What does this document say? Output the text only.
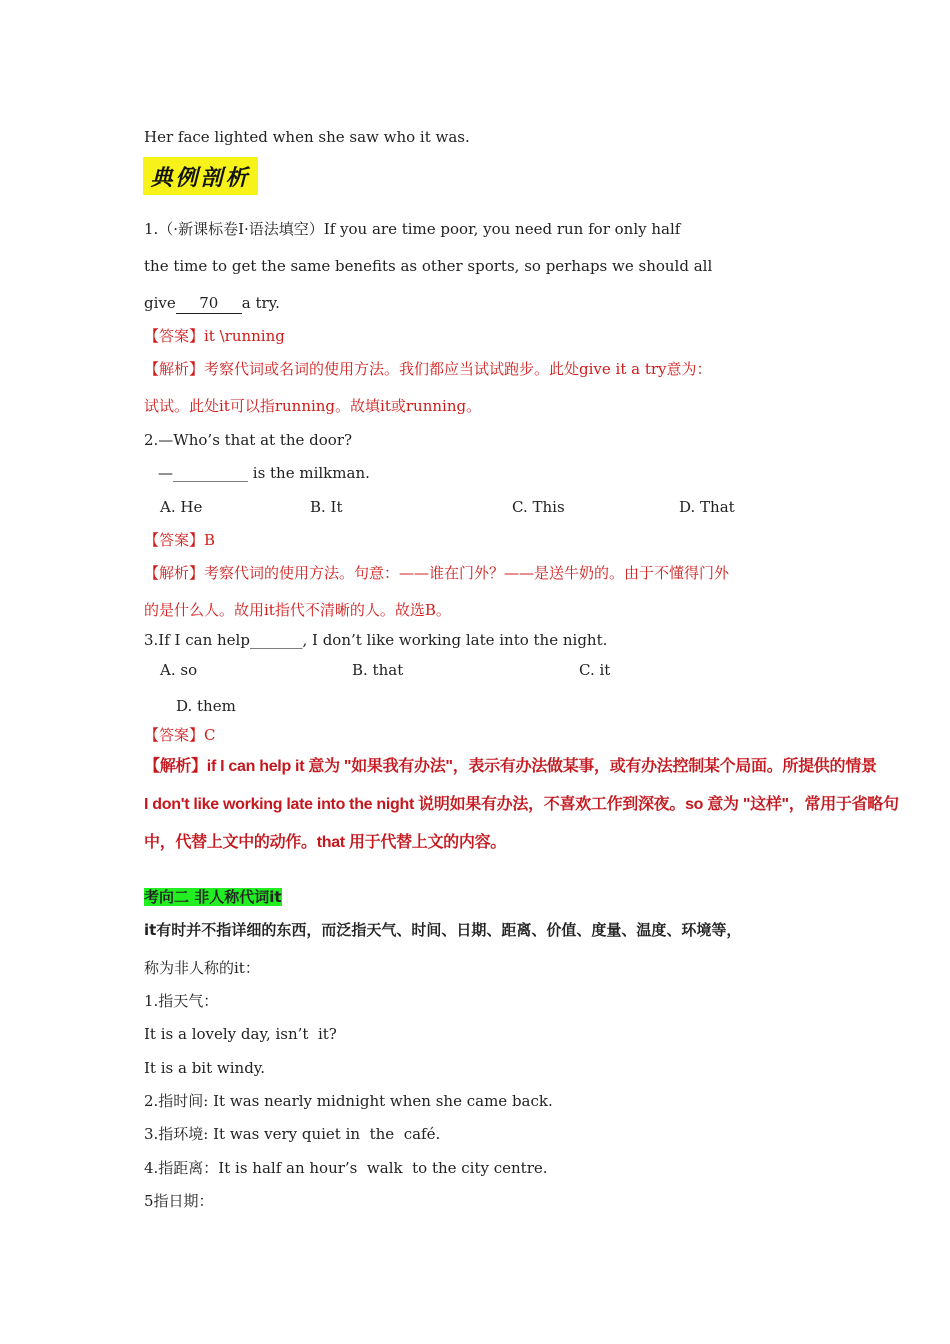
Her face lighted when she saw who it was.
典例剖析
1.（·新课标卷Ⅰ·语法填空）If you are time poor, you need run for only half
the time to get the same benefits as other sports, so perhaps we should all
give 70 a try.
【答案】it \running
【解析】考察代词或名词的使用方法。我们都应当试试跑步。此处give it a try意为：
试试。此处it可以指running。故填it或running。
2.—Who’s that at the door?
—__________ is the milkman.
A. He	B. It	C. This	D. That
【答案】B
【解析】考察代词的使用方法。句意：——谁在门外？——是送牛奶的。由于不懂得门外
的是什么人。故用it指代不清晰的人。故选B。
3.If I can help_______, I don’t like working late into the night.
A. so	B. that	C. it
D. them
【答案】C
【解析】if I can help it 意为 "如果我有办法"，表示有办法做某事，或有办法控制某个局面。所提供的情景
I don't like working late into the night 说明如果有办法，不喜欢工作到深夜。so 意为 "这样"，常用于省略句
中，代替上文中的动作。that 用于代替上文的内容。
考向二 非人称代词it
it有时并不指详细的东西，而泛指天气、时间、日期、距离、价值、度量、温度、环境等，
称为非人称的it：
1.指天气：
It is a lovely day, isn’t  it?
It is a bit windy.
2.指时间: It was nearly midnight when she came back.
3.指环境: It was very quiet in  the  café.
4.指距离：It is half an hour’s  walk  to the city centre.
5指日期：
